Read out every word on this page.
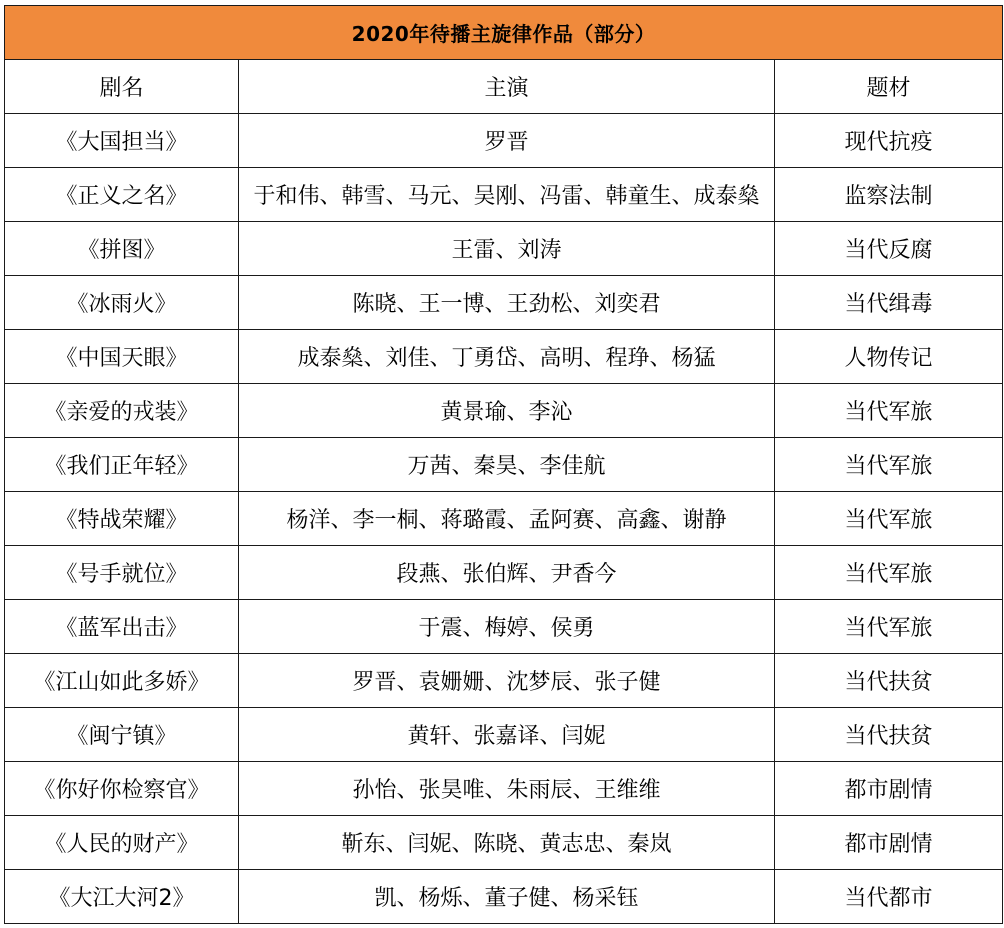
2020年待播主旋律作品（部分）		
剧名	主演	题材
《大国担当》	罗晋	现代抗疫
《正义之名》	于和伟、韩雪、马元、吴刚、冯雷、韩童生、成泰燊	监察法制
《拼图》	王雷、刘涛	当代反腐
《冰雨火》	陈晓、王一博、王劲松、刘奕君	当代缉毒
《中国天眼》	成泰燊、刘佳、丁勇岱、高明、程琤、杨猛	人物传记
《亲爱的戎装》	黄景瑜、李沁	当代军旅
《我们正年轻》	万茜、秦昊、李佳航	当代军旅
《特战荣耀》	杨洋、李一桐、蒋璐霞、孟阿赛、高鑫、谢静	当代军旅
《号手就位》	段燕、张伯辉、尹香今	当代军旅
《蓝军出击》	于震、梅婷、侯勇	当代军旅
《江山如此多娇》	罗晋、袁姗姗、沈梦辰、张子健	当代扶贫
《闽宁镇》	黄轩、张嘉译、闫妮	当代扶贫
《你好你检察官》	孙怡、张昊唯、朱雨辰、王维维	都市剧情
《人民的财产》	靳东、闫妮、陈晓、黄志忠、秦岚	都市剧情
《大江大河2》	凯、杨烁、董子健、杨采钰	当代都市
